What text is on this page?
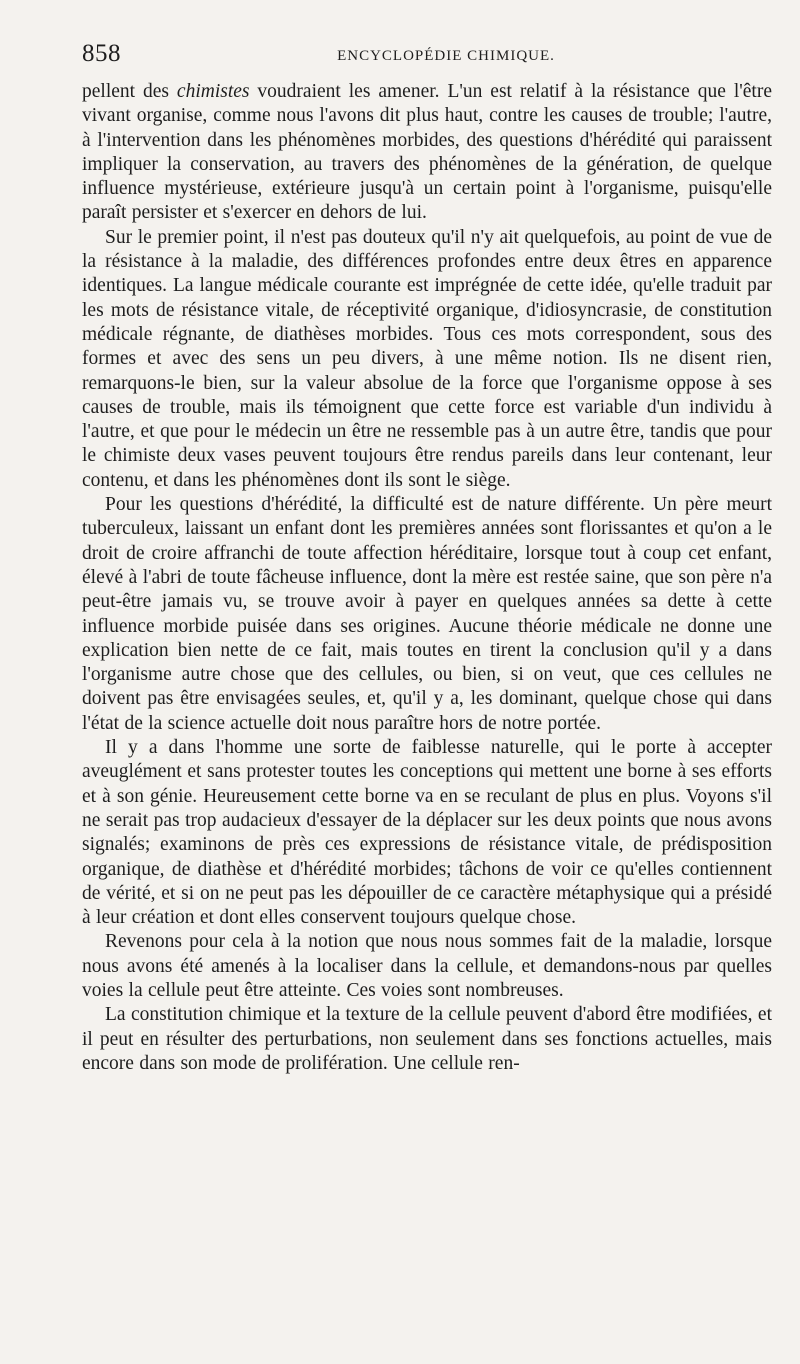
858	ENCYCLOPÉDIE CHIMIQUE.

pellent des chimistes voudraient les amener. L'un est relatif à la résistance que l'être vivant organise, comme nous l'avons dit plus haut, contre les causes de trouble; l'autre, à l'intervention dans les phénomènes morbides, des questions d'hérédité qui paraissent impliquer la conservation, au travers des phénomènes de la génération, de quelque influence mystérieuse, extérieure jusqu'à un certain point à l'organisme, puisqu'elle paraît persister et s'exercer en dehors de lui.

Sur le premier point, il n'est pas douteux qu'il n'y ait quelquefois, au point de vue de la résistance à la maladie, des différences profondes entre deux êtres en apparence identiques. La langue médicale courante est imprégnée de cette idée, qu'elle traduit par les mots de résistance vitale, de réceptivité organique, d'idiosyncrasie, de constitution médicale régnante, de diathèses morbides. Tous ces mots correspondent, sous des formes et avec des sens un peu divers, à une même notion. Ils ne disent rien, remarquons-le bien, sur la valeur absolue de la force que l'organisme oppose à ses causes de trouble, mais ils témoignent que cette force est variable d'un individu à l'autre, et que pour le médecin un être ne ressemble pas à un autre être, tandis que pour le chimiste deux vases peuvent toujours être rendus pareils dans leur contenant, leur contenu, et dans les phénomènes dont ils sont le siège.

Pour les questions d'hérédité, la difficulté est de nature différente. Un père meurt tuberculeux, laissant un enfant dont les premières années sont florissantes et qu'on a le droit de croire affranchi de toute affection héréditaire, lorsque tout à coup cet enfant, élevé à l'abri de toute fâcheuse influence, dont la mère est restée saine, que son père n'a peut-être jamais vu, se trouve avoir à payer en quelques années sa dette à cette influence morbide puisée dans ses origines. Aucune théorie médicale ne donne une explication bien nette de ce fait, mais toutes en tirent la conclusion qu'il y a dans l'organisme autre chose que des cellules, ou bien, si on veut, que ces cellules ne doivent pas être envisagées seules, et, qu'il y a, les dominant, quelque chose qui dans l'état de la science actuelle doit nous paraître hors de notre portée.

Il y a dans l'homme une sorte de faiblesse naturelle, qui le porte à accepter aveuglément et sans protester toutes les conceptions qui mettent une borne à ses efforts et à son génie. Heureusement cette borne va en se reculant de plus en plus. Voyons s'il ne serait pas trop audacieux d'essayer de la déplacer sur les deux points que nous avons signalés; examinons de près ces expressions de résistance vitale, de prédisposition organique, de diathèse et d'hérédité morbides; tâchons de voir ce qu'elles contiennent de vérité, et si on ne peut pas les dépouiller de ce caractère métaphysique qui a présidé à leur création et dont elles conservent toujours quelque chose.

Revenons pour cela à la notion que nous nous sommes fait de la maladie, lorsque nous avons été amenés à la localiser dans la cellule, et demandons-nous par quelles voies la cellule peut être atteinte. Ces voies sont nombreuses.

La constitution chimique et la texture de la cellule peuvent d'abord être modifiées, et il peut en résulter des perturbations, non seulement dans ses fonctions actuelles, mais encore dans son mode de prolifération. Une cellule ren-
